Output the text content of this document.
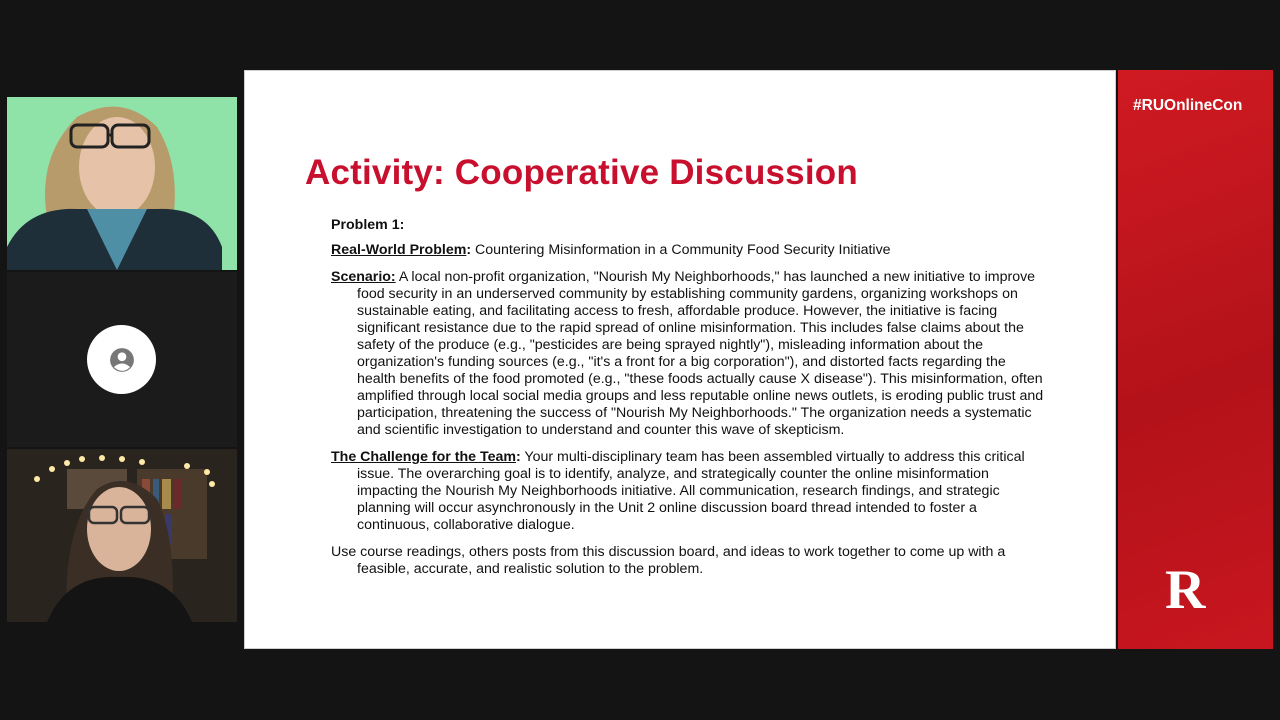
Activity: Cooperative Discussion

Problem 1:

Real-World Problem: Countering Misinformation in a Community Food Security Initiative

Scenario: A local non-profit organization, "Nourish My Neighborhoods," has launched a new initiative to improve food security in an underserved community by establishing community gardens, organizing workshops on sustainable eating, and facilitating access to fresh, affordable produce. However, the initiative is facing significant resistance due to the rapid spread of online misinformation. This includes false claims about the safety of the produce (e.g., "pesticides are being sprayed nightly"), misleading information about the organization's funding sources (e.g., "it's a front for a big corporation"), and distorted facts regarding the health benefits of the food promoted (e.g., "these foods actually cause X disease"). This misinformation, often amplified through local social media groups and less reputable online news outlets, is eroding public trust and participation, threatening the success of "Nourish My Neighborhoods." The organization needs a systematic and scientific investigation to understand and counter this wave of skepticism.

The Challenge for the Team: Your multi-disciplinary team has been assembled virtually to address this critical issue. The overarching goal is to identify, analyze, and strategically counter the online misinformation impacting the Nourish My Neighborhoods initiative. All communication, research findings, and strategic planning will occur asynchronously in the Unit 2 online discussion board thread intended to foster a continuous, collaborative dialogue.

Use course readings, others posts from this discussion board, and ideas to work together to come up with a feasible, accurate, and realistic solution to the problem.

#RUOnlineCon
R
